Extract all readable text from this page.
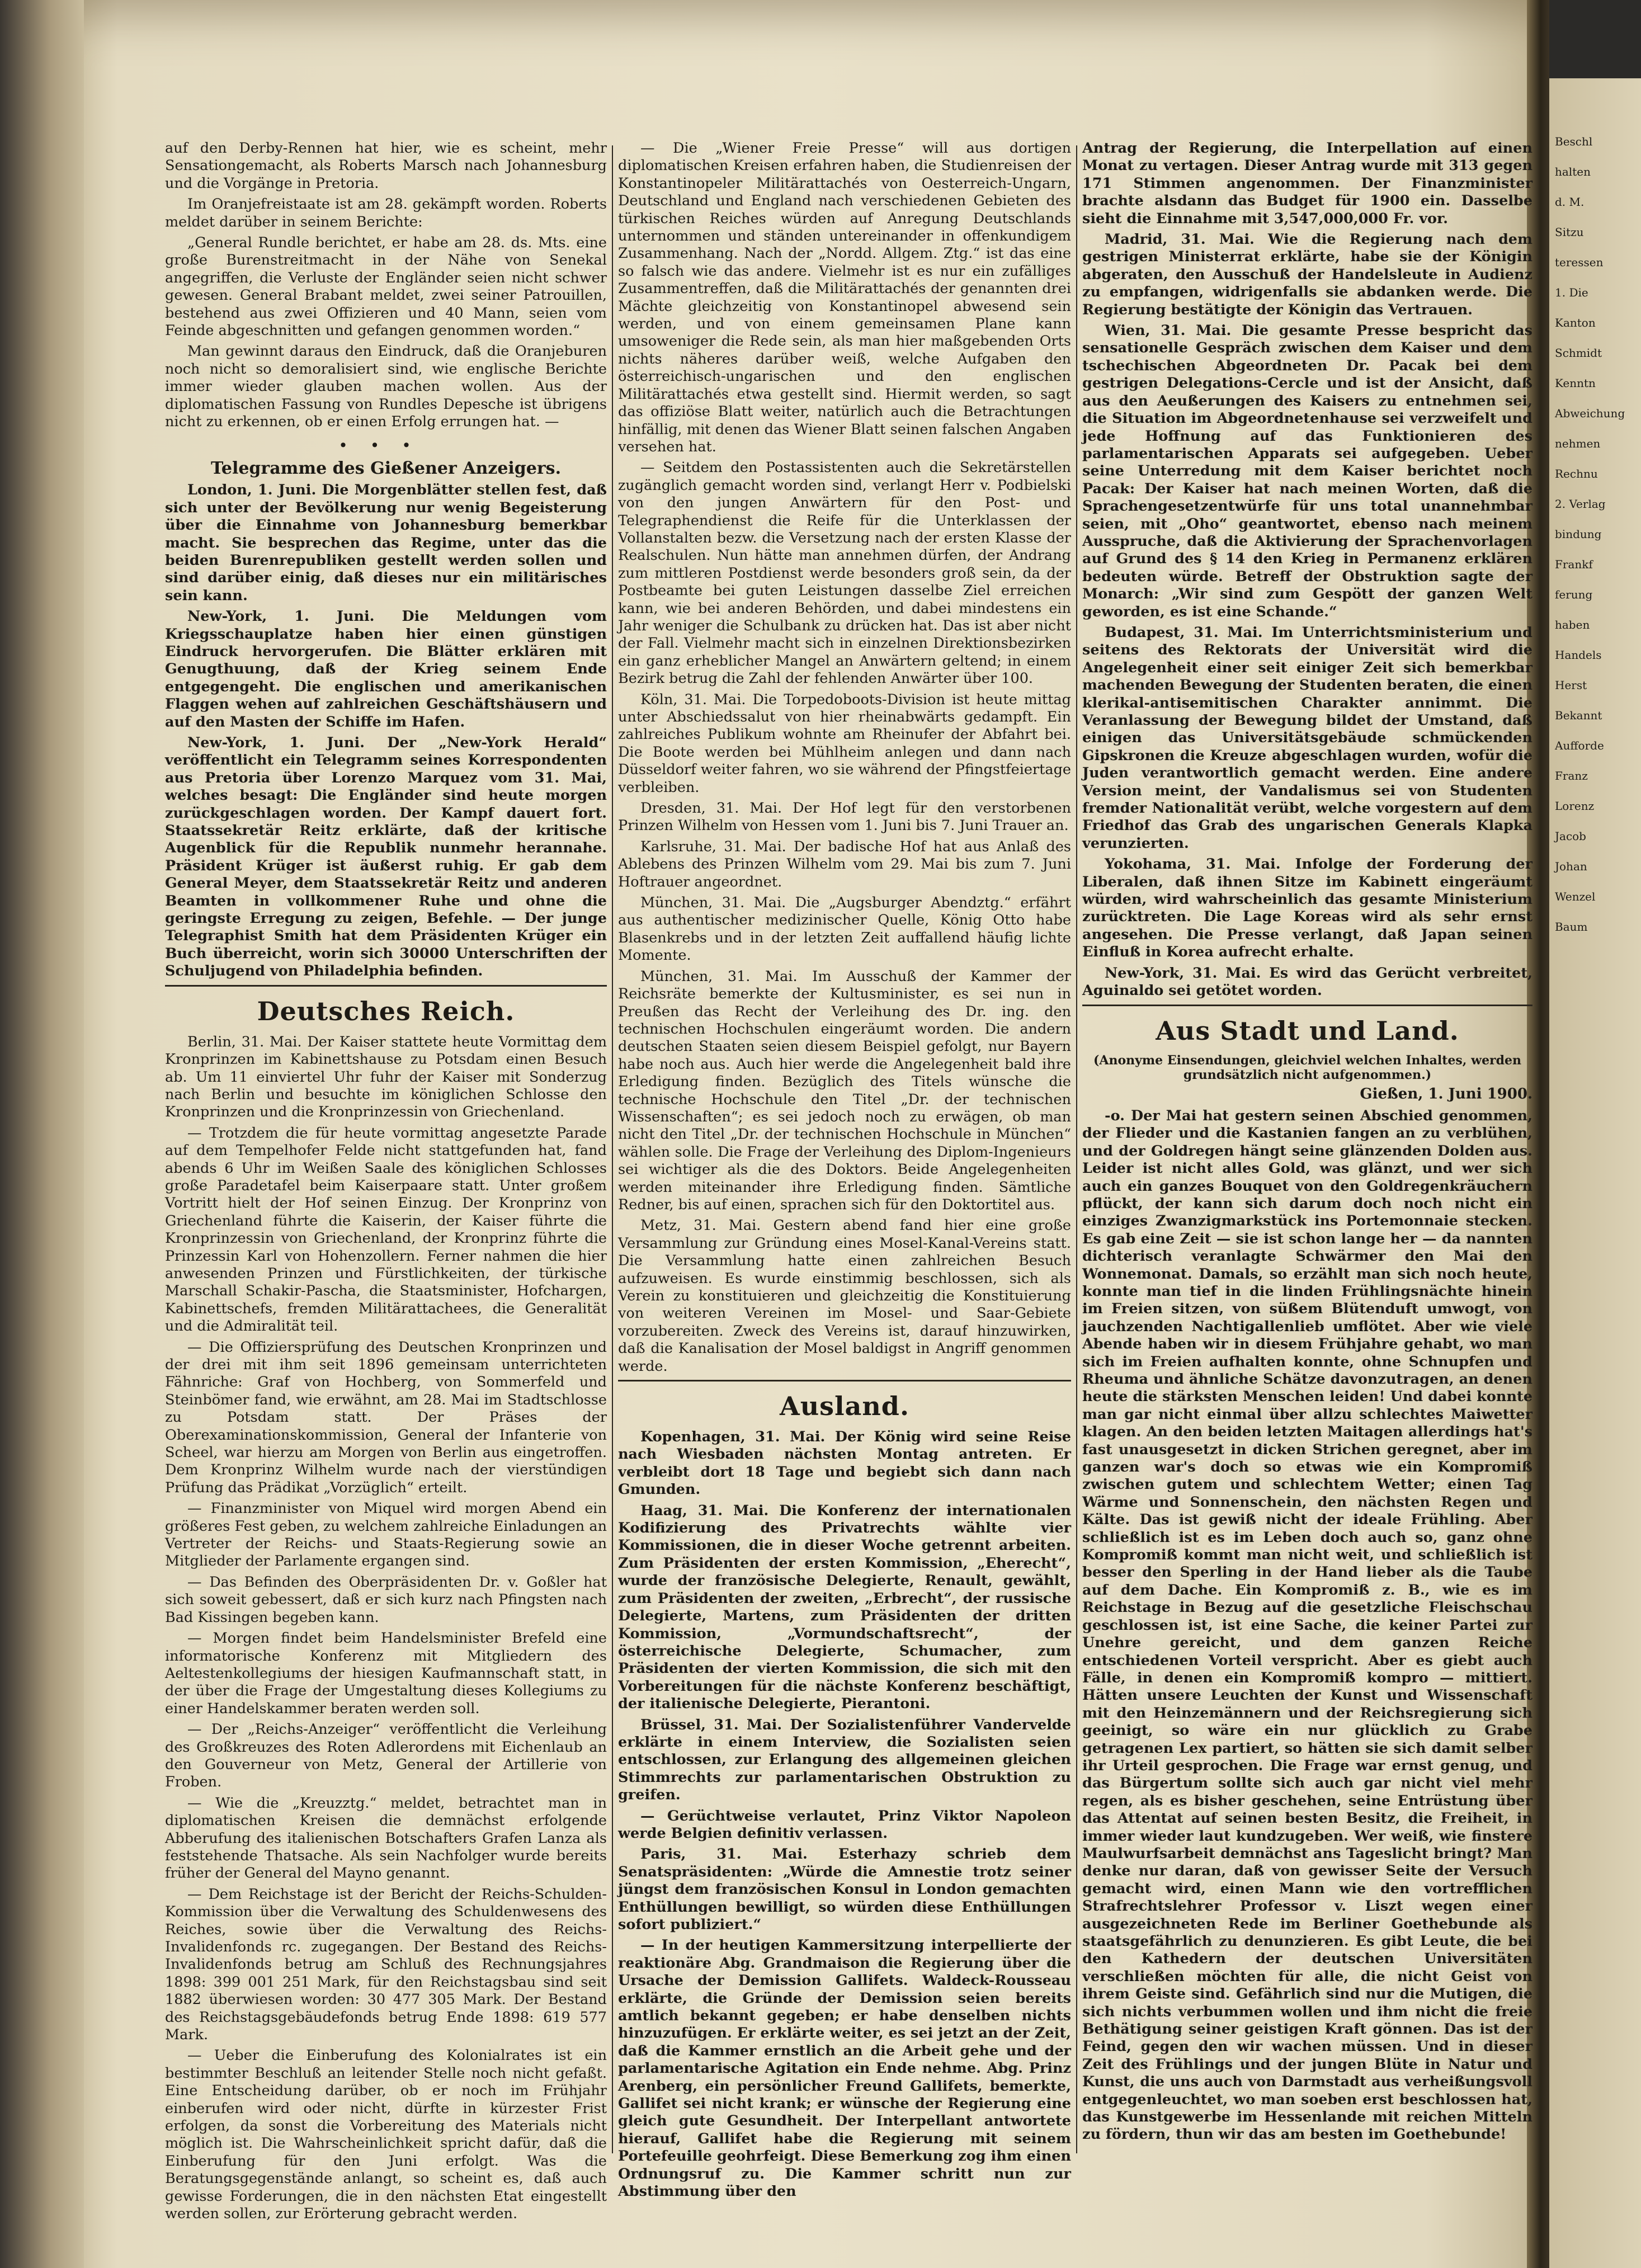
Beschl

halten

d. M.

Sitzu

teressen

1. Die

Kanton

Schmidt

Kenntn

Abweichung

nehmen

Rechnu

2. Verlag

bindung

Frankf

ferung

haben

Handels

Herst

Bekannt

Aufforde

Franz

Lorenz

Jacob

Johan

Wenzel

Baum

auf den Derby-Rennen hat hier, wie es scheint, mehr Sensationgemacht, als Roberts Marsch nach Johannesburg und die Vorgänge in Pretoria.

Im Oranjefreistaate ist am 28. gekämpft worden. Roberts meldet darüber in seinem Berichte:

„General Rundle berichtet, er habe am 28. ds. Mts. eine große Burenstreitmacht in der Nähe von Senekal angegriffen, die Verluste der Engländer seien nicht schwer gewesen. General Brabant meldet, zwei seiner Patrouillen, bestehend aus zwei Offizieren und 40 Mann, seien vom Feinde abgeschnitten und gefangen genommen worden.“

Man gewinnt daraus den Eindruck, daß die Oranjeburen noch nicht so demoralisiert sind, wie englische Berichte immer wieder glauben machen wollen. Aus der diplomatischen Fassung von Rundles Depesche ist übrigens nicht zu erkennen, ob er einen Erfolg errungen hat. —

•••
Telegramme des Gießener Anzeigers.

London, 1. Juni. Die Morgenblätter stellen fest, daß sich unter der Bevölkerung nur wenig Begeisterung über die Einnahme von Johannesburg bemerkbar macht. Sie besprechen das Regime, unter das die beiden Burenrepubliken gestellt werden sollen und sind darüber einig, daß dieses nur ein militärisches sein kann.

New-York, 1. Juni. Die Meldungen vom Kriegsschauplatze haben hier einen günstigen Eindruck hervorgerufen. Die Blätter erklären mit Genugthuung, daß der Krieg seinem Ende entgegengeht. Die englischen und amerikanischen Flaggen wehen auf zahlreichen Geschäftshäusern und auf den Masten der Schiffe im Hafen.

New-York, 1. Juni. Der „New-York Herald“ veröffentlicht ein Telegramm seines Korrespondenten aus Pretoria über Lorenzo Marquez vom 31. Mai, welches besagt: Die Engländer sind heute morgen zurückgeschlagen worden. Der Kampf dauert fort. Staatssekretär Reitz erklärte, daß der kritische Augenblick für die Republik nunmehr herannahe. Präsident Krüger ist äußerst ruhig. Er gab dem General Meyer, dem Staatssekretär Reitz und anderen Beamten in vollkommener Ruhe und ohne die geringste Erregung zu zeigen, Befehle. — Der junge Telegraphist Smith hat dem Präsidenten Krüger ein Buch überreicht, worin sich 30000 Unterschriften der Schuljugend von Philadelphia befinden.

Deutsches Reich.

Berlin, 31. Mai. Der Kaiser stattete heute Vormittag dem Kronprinzen im Kabinettshause zu Potsdam einen Besuch ab. Um 11 einviertel Uhr fuhr der Kaiser mit Sonderzug nach Berlin und besuchte im königlichen Schlosse den Kronprinzen und die Kronprinzessin von Griechenland.

— Trotzdem die für heute vormittag angesetzte Parade auf dem Tempelhofer Felde nicht stattgefunden hat, fand abends 6 Uhr im Weißen Saale des königlichen Schlosses große Paradetafel beim Kaiserpaare statt. Unter großem Vortritt hielt der Hof seinen Einzug. Der Kronprinz von Griechenland führte die Kaiserin, der Kaiser führte die Kronprinzessin von Griechenland, der Kronprinz führte die Prinzessin Karl von Hohenzollern. Ferner nahmen die hier anwesenden Prinzen und Fürstlichkeiten, der türkische Marschall Schakir-Pascha, die Staatsminister, Hofchargen, Kabinettschefs, fremden Militärattachees, die Generalität und die Admiralität teil.

— Die Offiziersprüfung des Deutschen Kronprinzen und der drei mit ihm seit 1896 gemeinsam unterrichteten Fähnriche: Graf von Hochberg, von Sommerfeld und Steinbömer fand, wie erwähnt, am 28. Mai im Stadtschlosse zu Potsdam statt. Der Präses der Oberexaminationskommission, General der Infanterie von Scheel, war hierzu am Morgen von Berlin aus eingetroffen. Dem Kronprinz Wilhelm wurde nach der vierstündigen Prüfung das Prädikat „Vorzüglich“ erteilt.

— Finanzminister von Miquel wird morgen Abend ein größeres Fest geben, zu welchem zahlreiche Einladungen an Vertreter der Reichs- und Staats-Regierung sowie an Mitglieder der Parlamente ergangen sind.

— Das Befinden des Oberpräsidenten Dr. v. Goßler hat sich soweit gebessert, daß er sich kurz nach Pfingsten nach Bad Kissingen begeben kann.

— Morgen findet beim Handelsminister Brefeld eine informatorische Konferenz mit Mitgliedern des Aeltestenkollegiums der hiesigen Kaufmannschaft statt, in der über die Frage der Umgestaltung dieses Kollegiums zu einer Handelskammer beraten werden soll.

— Der „Reichs-Anzeiger“ veröffentlicht die Verleihung des Großkreuzes des Roten Adlerordens mit Eichenlaub an den Gouverneur von Metz, General der Artillerie von Froben.

— Wie die „Kreuzztg.“ meldet, betrachtet man in diplomatischen Kreisen die demnächst erfolgende Abberufung des italienischen Botschafters Grafen Lanza als feststehende Thatsache. Als sein Nachfolger wurde bereits früher der General del Mayno genannt.

— Dem Reichstage ist der Bericht der Reichs-Schulden-Kommission über die Verwaltung des Schuldenwesens des Reiches, sowie über die Verwaltung des Reichs-Invalidenfonds rc. zugegangen. Der Bestand des Reichs-Invalidenfonds betrug am Schluß des Rechnungsjahres 1898: 399 001 251 Mark, für den Reichstagsbau sind seit 1882 überwiesen worden: 30 477 305 Mark. Der Bestand des Reichstagsgebäudefonds betrug Ende 1898: 619 577 Mark.

— Ueber die Einberufung des Kolonialrates ist ein bestimmter Beschluß an leitender Stelle noch nicht gefaßt. Eine Entscheidung darüber, ob er noch im Frühjahr einberufen wird oder nicht, dürfte in kürzester Frist erfolgen, da sonst die Vorbereitung des Materials nicht möglich ist. Die Wahrscheinlichkeit spricht dafür, daß die Einberufung für den Juni erfolgt. Was die Beratungsgegenstände anlangt, so scheint es, daß auch gewisse Forderungen, die in den nächsten Etat eingestellt werden sollen, zur Erörterung gebracht werden.

— Die „Wiener Freie Presse“ will aus dortigen diplomatischen Kreisen erfahren haben, die Studienreisen der Konstantinopeler Militärattachés von Oesterreich-Ungarn, Deutschland und England nach verschiedenen Gebieten des türkischen Reiches würden auf Anregung Deutschlands unternommen und ständen untereinander in offenkundigem Zusammenhang. Nach der „Nordd. Allgem. Ztg.“ ist das eine so falsch wie das andere. Vielmehr ist es nur ein zufälliges Zusammentreffen, daß die Militärattachés der genannten drei Mächte gleichzeitig von Konstantinopel abwesend sein werden, und von einem gemeinsamen Plane kann umsoweniger die Rede sein, als man hier maßgebenden Orts nichts näheres darüber weiß, welche Aufgaben den österreichisch-ungarischen und den englischen Militärattachés etwa gestellt sind. Hiermit werden, so sagt das offiziöse Blatt weiter, natürlich auch die Betrachtungen hinfällig, mit denen das Wiener Blatt seinen falschen Angaben versehen hat.

— Seitdem den Postassistenten auch die Sekretärstellen zugänglich gemacht worden sind, verlangt Herr v. Podbielski von den jungen Anwärtern für den Post- und Telegraphendienst die Reife für die Unterklassen der Vollanstalten bezw. die Versetzung nach der ersten Klasse der Realschulen. Nun hätte man annehmen dürfen, der Andrang zum mittleren Postdienst werde besonders groß sein, da der Postbeamte bei guten Leistungen dasselbe Ziel erreichen kann, wie bei anderen Behörden, und dabei mindestens ein Jahr weniger die Schulbank zu drücken hat. Das ist aber nicht der Fall. Vielmehr macht sich in einzelnen Direktionsbezirken ein ganz erheblicher Mangel an Anwärtern geltend; in einem Bezirk betrug die Zahl der fehlenden Anwärter über 100.

Köln, 31. Mai. Die Torpedoboots-Division ist heute mittag unter Abschiedssalut von hier rheinabwärts gedampft. Ein zahlreiches Publikum wohnte am Rheinufer der Abfahrt bei. Die Boote werden bei Mühlheim anlegen und dann nach Düsseldorf weiter fahren, wo sie während der Pfingstfeiertage verbleiben.

Dresden, 31. Mai. Der Hof legt für den verstorbenen Prinzen Wilhelm von Hessen vom 1. Juni bis 7. Juni Trauer an.

Karlsruhe, 31. Mai. Der badische Hof hat aus Anlaß des Ablebens des Prinzen Wilhelm vom 29. Mai bis zum 7. Juni Hoftrauer angeordnet.

München, 31. Mai. Die „Augsburger Abendztg.“ erfährt aus authentischer medizinischer Quelle, König Otto habe Blasenkrebs und in der letzten Zeit auffallend häufig lichte Momente.

München, 31. Mai. Im Ausschuß der Kammer der Reichsräte bemerkte der Kultusminister, es sei nun in Preußen das Recht der Verleihung des Dr. ing. den technischen Hochschulen eingeräumt worden. Die andern deutschen Staaten seien diesem Beispiel gefolgt, nur Bayern habe noch aus. Auch hier werde die Angelegenheit bald ihre Erledigung finden. Bezüglich des Titels wünsche die technische Hochschule den Titel „Dr. der technischen Wissenschaften“; es sei jedoch noch zu erwägen, ob man nicht den Titel „Dr. der technischen Hochschule in München“ wählen solle. Die Frage der Verleihung des Diplom-Ingenieurs sei wichtiger als die des Doktors. Beide Angelegenheiten werden miteinander ihre Erledigung finden. Sämtliche Redner, bis auf einen, sprachen sich für den Doktortitel aus.

Metz, 31. Mai. Gestern abend fand hier eine große Versammlung zur Gründung eines Mosel-Kanal-Vereins statt. Die Versammlung hatte einen zahlreichen Besuch aufzuweisen. Es wurde einstimmig beschlossen, sich als Verein zu konstituieren und gleichzeitig die Konstituierung von weiteren Vereinen im Mosel- und Saar-Gebiete vorzubereiten. Zweck des Vereins ist, darauf hinzuwirken, daß die Kanalisation der Mosel baldigst in Angriff genommen werde.

Ausland.

Kopenhagen, 31. Mai. Der König wird seine Reise nach Wiesbaden nächsten Montag antreten. Er verbleibt dort 18 Tage und begiebt sich dann nach Gmunden.

Haag, 31. Mai. Die Konferenz der internationalen Kodifizierung des Privatrechts wählte vier Kommissionen, die in dieser Woche getrennt arbeiten. Zum Präsidenten der ersten Kommission, „Eherecht“, wurde der französische Delegierte, Renault, gewählt, zum Präsidenten der zweiten, „Erbrecht“, der russische Delegierte, Martens, zum Präsidenten der dritten Kommission, „Vormundschaftsrecht“, der österreichische Delegierte, Schumacher, zum Präsidenten der vierten Kommission, die sich mit den Vorbereitungen für die nächste Konferenz beschäftigt, der italienische Delegierte, Pierantoni.

Brüssel, 31. Mai. Der Sozialistenführer Vandervelde erklärte in einem Interview, die Sozialisten seien entschlossen, zur Erlangung des allgemeinen gleichen Stimmrechts zur parlamentarischen Obstruktion zu greifen.

— Gerüchtweise verlautet, Prinz Viktor Napoleon werde Belgien definitiv verlassen.

Paris, 31. Mai. Esterhazy schrieb dem Senatspräsidenten: „Würde die Amnestie trotz seiner jüngst dem französischen Konsul in London gemachten Enthüllungen bewilligt, so würden diese Enthüllungen sofort publiziert.“

— In der heutigen Kammersitzung interpellierte der reaktionäre Abg. Grandmaison die Regierung über die Ursache der Demission Gallifets. Waldeck-Rousseau erklärte, die Gründe der Demission seien bereits amtlich bekannt gegeben; er habe denselben nichts hinzuzufügen. Er erklärte weiter, es sei jetzt an der Zeit, daß die Kammer ernstlich an die Arbeit gehe und der parlamentarische Agitation ein Ende nehme. Abg. Prinz Arenberg, ein persönlicher Freund Gallifets, bemerkte, Gallifet sei nicht krank; er wünsche der Regierung eine gleich gute Gesundheit. Der Interpellant antwortete hierauf, Gallifet habe die Regierung mit seinem Portefeuille geohrfeigt. Diese Bemerkung zog ihm einen Ordnungsruf zu. Die Kammer schritt nun zur Abstimmung über den

Antrag der Regierung, die Interpellation auf einen Monat zu vertagen. Dieser Antrag wurde mit 313 gegen 171 Stimmen angenommen. Der Finanzminister brachte alsdann das Budget für 1900 ein. Dasselbe sieht die Einnahme mit 3,547,000,000 Fr. vor.

Madrid, 31. Mai. Wie die Regierung nach dem gestrigen Ministerrat erklärte, habe sie der Königin abgeraten, den Ausschuß der Handelsleute in Audienz zu empfangen, widrigenfalls sie abdanken werde. Die Regierung bestätigte der Königin das Vertrauen.

Wien, 31. Mai. Die gesamte Presse bespricht das sensationelle Gespräch zwischen dem Kaiser und dem tschechischen Abgeordneten Dr. Pacak bei dem gestrigen Delegations-Cercle und ist der Ansicht, daß aus den Aeußerungen des Kaisers zu entnehmen sei, die Situation im Abgeordnetenhause sei verzweifelt und jede Hoffnung auf das Funktionieren des parlamentarischen Apparats sei aufgegeben. Ueber seine Unterredung mit dem Kaiser berichtet noch Pacak: Der Kaiser hat nach meinen Worten, daß die Sprachengesetzentwürfe für uns total unannehmbar seien, mit „Oho“ geantwortet, ebenso nach meinem Ausspruche, daß die Aktivierung der Sprachenvorlagen auf Grund des § 14 den Krieg in Permanenz erklären bedeuten würde. Betreff der Obstruktion sagte der Monarch: „Wir sind zum Gespött der ganzen Welt geworden, es ist eine Schande.“

Budapest, 31. Mai. Im Unterrichtsministerium und seitens des Rektorats der Universität wird die Angelegenheit einer seit einiger Zeit sich bemerkbar machenden Bewegung der Studenten beraten, die einen klerikal-antisemitischen Charakter annimmt. Die Veranlassung der Bewegung bildet der Umstand, daß einigen das Universitätsgebäude schmückenden Gipskronen die Kreuze abgeschlagen wurden, wofür die Juden verantwortlich gemacht werden. Eine andere Version meint, der Vandalismus sei von Studenten fremder Nationalität verübt, welche vorgestern auf dem Friedhof das Grab des ungarischen Generals Klapka verunzierten.

Yokohama, 31. Mai. Infolge der Forderung der Liberalen, daß ihnen Sitze im Kabinett eingeräumt würden, wird wahrscheinlich das gesamte Ministerium zurücktreten. Die Lage Koreas wird als sehr ernst angesehen. Die Presse verlangt, daß Japan seinen Einfluß in Korea aufrecht erhalte.

New-York, 31. Mai. Es wird das Gerücht verbreitet, Aguinaldo sei getötet worden.

Aus Stadt und Land.
(Anonyme Einsendungen, gleichviel welchen Inhaltes, werden grundsätzlich nicht aufgenommen.)
Gießen, 1. Juni 1900.

-o. Der Mai hat gestern seinen Abschied genommen, der Flieder und die Kastanien fangen an zu verblühen, und der Goldregen hängt seine glänzenden Dolden aus. Leider ist nicht alles Gold, was glänzt, und wer sich auch ein ganzes Bouquet von den Goldregenkräuchern pflückt, der kann sich darum doch noch nicht ein einziges Zwanzigmarkstück ins Portemonnaie stecken. Es gab eine Zeit — sie ist schon lange her — da nannten dichterisch veranlagte Schwärmer den Mai den Wonnemonat. Damals, so erzählt man sich noch heute, konnte man tief in die linden Frühlingsnächte hinein im Freien sitzen, von süßem Blütenduft umwogt, von jauchzenden Nachtigallenlieb umflötet. Aber wie viele Abende haben wir in diesem Frühjahre gehabt, wo man sich im Freien aufhalten konnte, ohne Schnupfen und Rheuma und ähnliche Schätze davonzutragen, an denen heute die stärksten Menschen leiden! Und dabei konnte man gar nicht einmal über allzu schlechtes Maiwetter klagen. An den beiden letzten Maitagen allerdings hat's fast unausgesetzt in dicken Strichen geregnet, aber im ganzen war's doch so etwas wie ein Kompromiß zwischen gutem und schlechtem Wetter; einen Tag Wärme und Sonnenschein, den nächsten Regen und Kälte. Das ist gewiß nicht der ideale Frühling. Aber schließlich ist es im Leben doch auch so, ganz ohne Kompromiß kommt man nicht weit, und schließlich ist besser den Sperling in der Hand lieber als die Taube auf dem Dache. Ein Kompromiß z. B., wie es im Reichstage in Bezug auf die gesetzliche Fleischschau geschlossen ist, ist eine Sache, die keiner Partei zur Unehre gereicht, und dem ganzen Reiche entschiedenen Vorteil verspricht. Aber es giebt auch Fälle, in denen ein Kompromiß kompro — mittiert. Hätten unsere Leuchten der Kunst und Wissenschaft mit den Heinzemännern und der Reichsregierung sich geeinigt, so wäre ein nur glücklich zu Grabe getragenen Lex partiert, so hätten sie sich damit selber ihr Urteil gesprochen. Die Frage war ernst genug, und das Bürgertum sollte sich auch gar nicht viel mehr regen, als es bisher geschehen, seine Entrüstung über das Attentat auf seinen besten Besitz, die Freiheit, in immer wieder laut kundzugeben. Wer weiß, wie finstere Maulwurfsarbeit demnächst ans Tageslicht bringt? Man denke nur daran, daß von gewisser Seite der Versuch gemacht wird, einen Mann wie den vortrefflichen Strafrechtslehrer Professor v. Liszt wegen einer ausgezeichneten Rede im Berliner Goethebunde als staatsgefährlich zu denunzieren. Es gibt Leute, die bei den Kathedern der deutschen Universitäten verschließen möchten für alle, die nicht Geist von ihrem Geiste sind. Gefährlich sind nur die Mutigen, die sich nichts verbummen wollen und ihm nicht die freie Bethätigung seiner geistigen Kraft gönnen. Das ist der Feind, gegen den wir wachen müssen. Und in dieser Zeit des Frühlings und der jungen Blüte in Natur und Kunst, die uns auch von Darmstadt aus verheißungsvoll entgegenleuchtet, wo man soeben erst beschlossen hat, das Kunstgewerbe im Hessenlande mit reichen Mitteln zu fördern, thun wir das am besten im Goethebunde!
